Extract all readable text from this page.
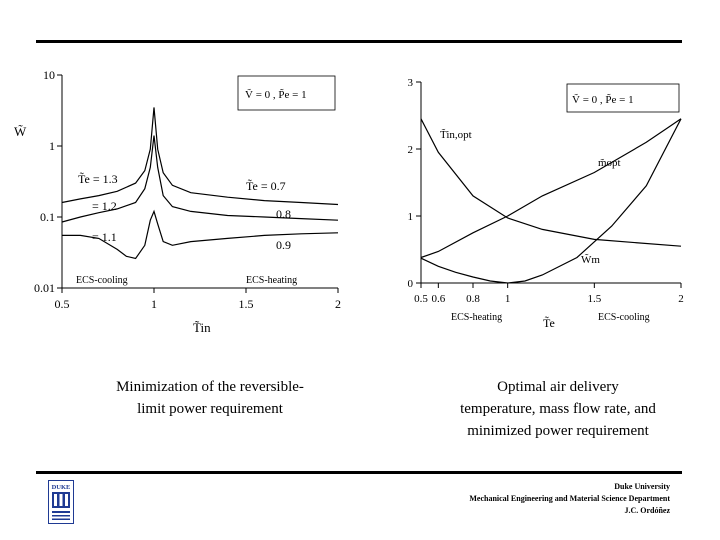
0.5	1	1.5	2
0.01
0.1
1
10
Ṽ = 0 , P̃e = 1
W̃
T̃in
T̃e = 1.3
= 1.2
= 1.1
T̃e = 0.7
0.8
0.9
ECS-cooling	ECS-heating
0.5 0.6 0.8 1	1.5	2
0
1
2
3
Ṽ = 0 , P̃e = 1
T̃e
T̃in,opt
m̃opt
W̃m
ECS-heating	ECS-cooling
Minimization of the reversible-
limit power requirement
Optimal air delivery
temperature, mass flow rate, and
minimized power requirement
DUKE	Duke University
Mechanical Engineering and Material Science Department
J.C. Ordóñez
